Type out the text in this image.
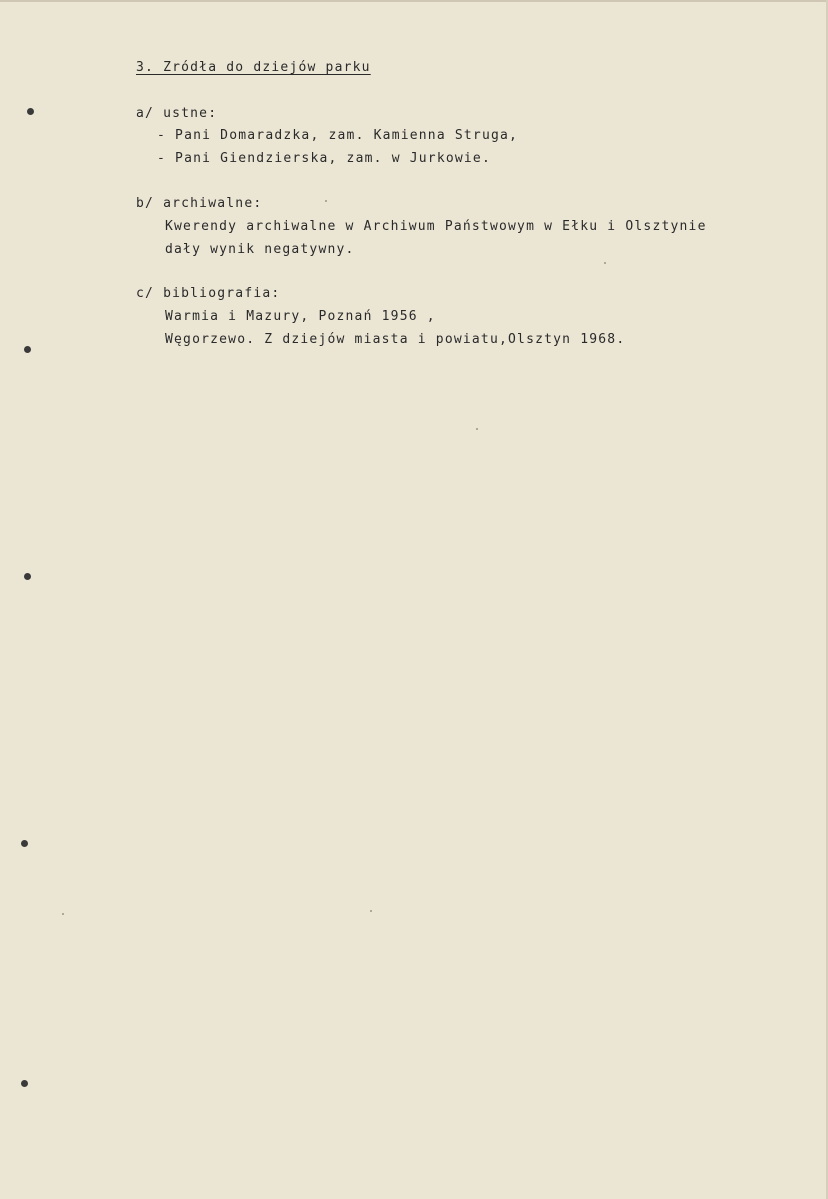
3. Zródła do dziejów parku
a/ ustne:
- Pani Domaradzka, zam. Kamienna Struga,
- Pani Giendzierska, zam. w Jurkowie.
b/ archiwalne:
Kwerendy archiwalne w Archiwum Państwowym w Ełku i Olsztynie
dały wynik negatywny.
c/ bibliografia:
Warmia i Mazury, Poznań 1956 ,
Węgorzewo. Z dziejów miasta i powiatu,Olsztyn 1968.
